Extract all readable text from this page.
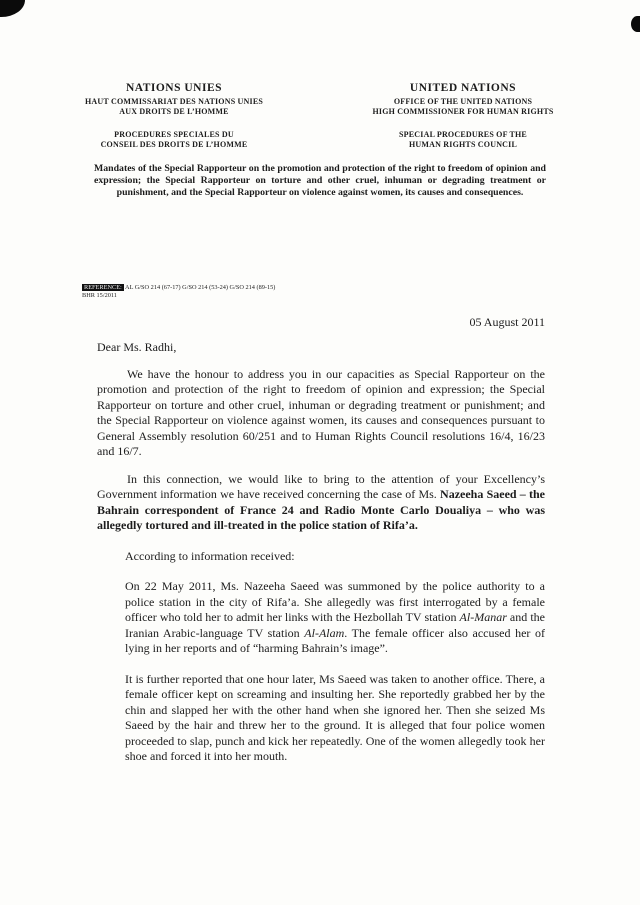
NATIONS UNIES
HAUT COMMISSARIAT DES NATIONS UNIES
AUX DROITS DE L’HOMME
PROCEDURES SPECIALES DU
CONSEIL DES DROITS DE L’HOMME
UNITED NATIONS
OFFICE OF THE UNITED NATIONS
HIGH COMMISSIONER FOR HUMAN RIGHTS
SPECIAL PROCEDURES OF THE
HUMAN RIGHTS COUNCIL

Mandates of the Special Rapporteur on the promotion and protection of the right to freedom of opinion and expression; the Special Rapporteur on torture and other cruel, inhuman or degrading treatment or punishment, and the Special Rapporteur on violence against women, its causes and consequences.

REFERENCE: AL G/SO 214 (67-17) G/SO 214 (53-24) G/SO 214 (89-15)
BHR 15/2011
05 August 2011
Dear Ms. Radhi,

We have the honour to address you in our capacities as Special Rapporteur on the promotion and protection of the right to freedom of opinion and expression; the Special Rapporteur on torture and other cruel, inhuman or degrading treatment or punishment; and the Special Rapporteur on violence against women, its causes and consequences pursuant to General Assembly resolution 60/251 and to Human Rights Council resolutions 16/4, 16/23 and 16/7.

In this connection, we would like to bring to the attention of your Excellency’s Government information we have received concerning the case of Ms. Nazeeha Saeed – the Bahrain correspondent of France 24 and Radio Monte Carlo Doualiya – who was allegedly tortured and ill-treated in the police station of Rifa’a.

According to information received:

On 22 May 2011, Ms. Nazeeha Saeed was summoned by the police authority to a police station in the city of Rifa’a. She allegedly was first interrogated by a female officer who told her to admit her links with the Hezbollah TV station Al-Manar and the Iranian Arabic-language TV station Al-Alam. The female officer also accused her of lying in her reports and of “harming Bahrain’s image”.

It is further reported that one hour later, Ms Saeed was taken to another office. There, a female officer kept on screaming and insulting her. She reportedly grabbed her by the chin and slapped her with the other hand when she ignored her. Then she seized Ms Saeed by the hair and threw her to the ground. It is alleged that four police women proceeded to slap, punch and kick her repeatedly. One of the women allegedly took her shoe and forced it into her mouth.
